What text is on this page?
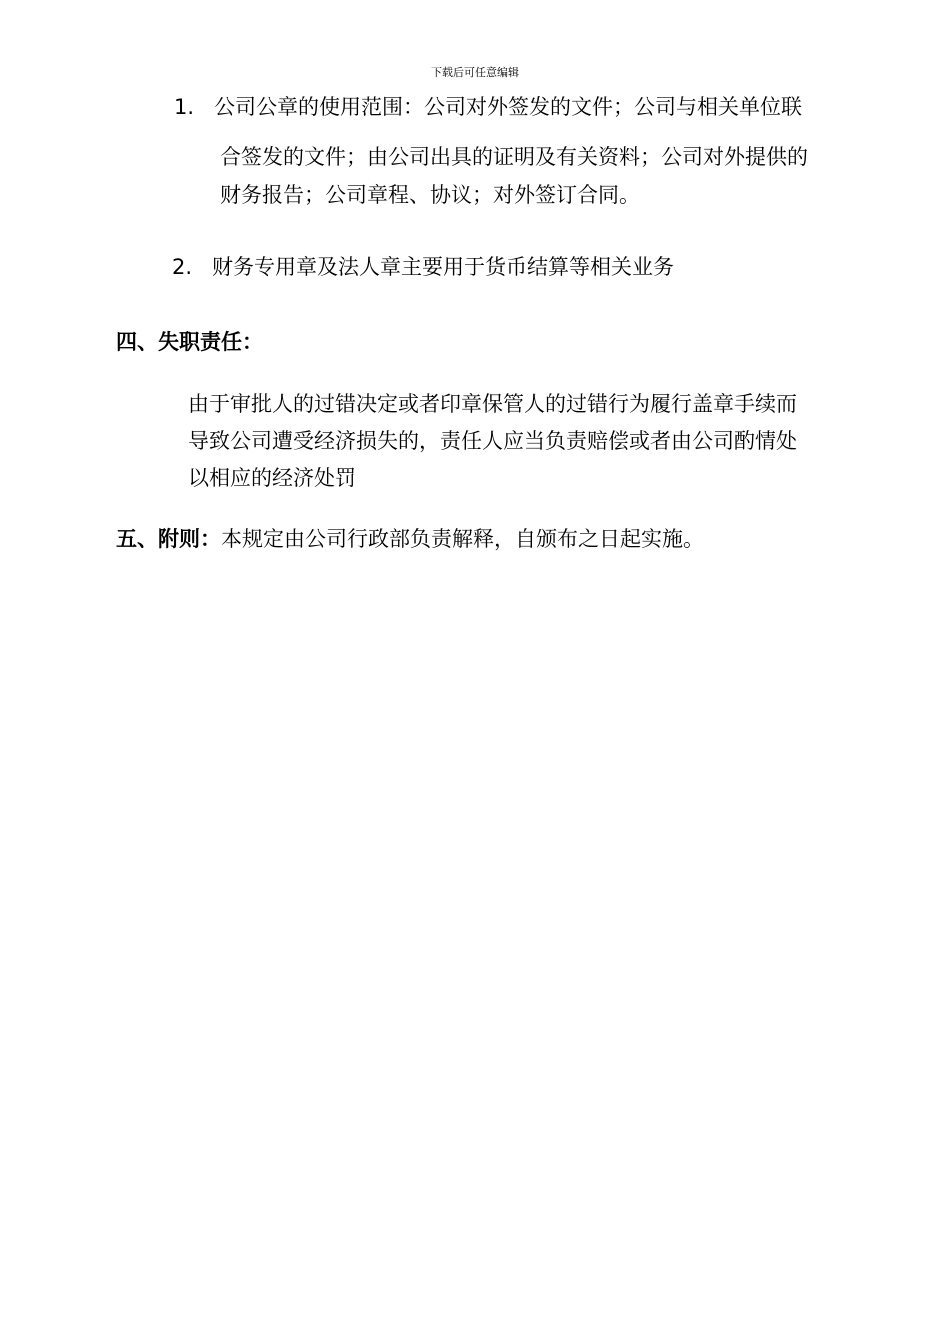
下载后可任意编辑
1. 公司公章的使用范围：公司对外签发的文件；公司与相关单位联
合签发的文件；由公司出具的证明及有关资料；公司对外提供的
财务报告；公司章程、协议；对外签订合同。
2. 财务专用章及法人章主要用于货币结算等相关业务
四、失职责任：
由于审批人的过错决定或者印章保管人的过错行为履行盖章手续而
导致公司遭受经济损失的，责任人应当负责赔偿或者由公司酌情处
以相应的经济处罚
五、附则：本规定由公司行政部负责解释，自颁布之日起实施。
